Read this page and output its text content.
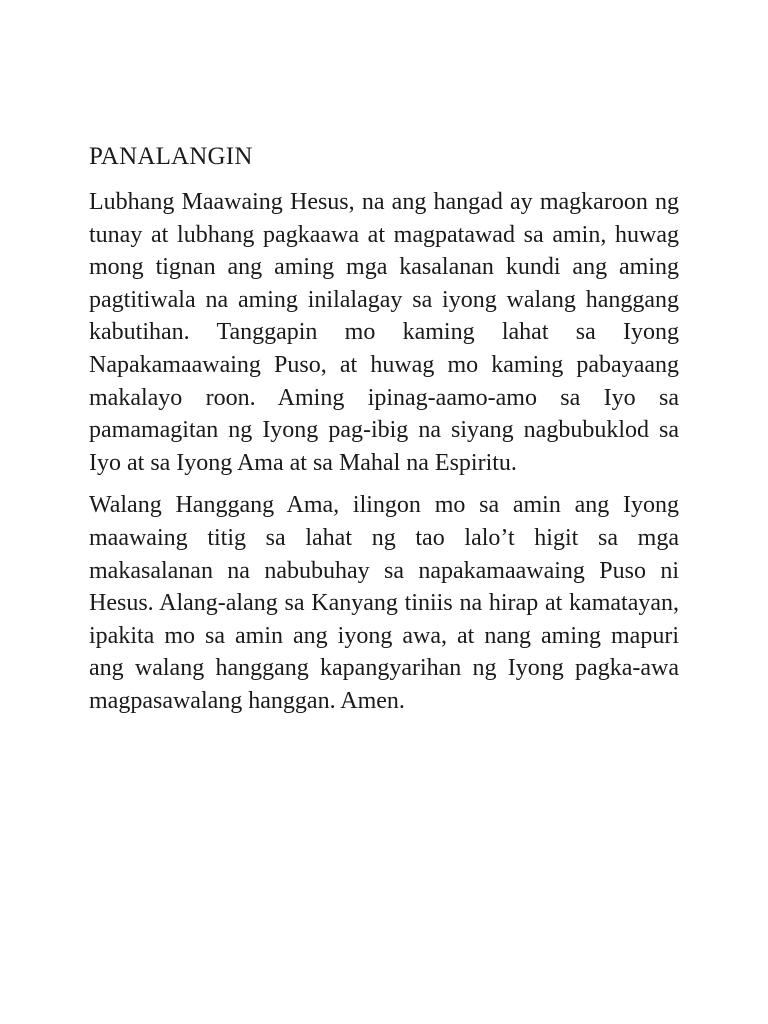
PANALANGIN

Lubhang Maawaing Hesus, na ang hangad ay magkaroon ng tunay at lubhang pagkaawa at magpatawad sa amin, huwag mong tignan ang aming mga kasalanan kundi ang aming pagtitiwala na aming inilalagay sa iyong walang hanggang kabutihan. Tanggapin mo kaming lahat sa Iyong Napakamaawaing Puso, at huwag mo kaming pabayaang makalayo roon. Aming ipinag-aamo-amo sa Iyo sa  pamamagitan ng Iyong pag-ibig na siyang nagbubuklod sa Iyo at sa Iyong Ama at sa Mahal na Espiritu.

Walang Hanggang Ama, ilingon mo sa amin ang Iyong maawaing titig sa lahat ng tao lalo’t higit sa mga makasalanan na nabubuhay sa napakamaawaing Puso ni Hesus. Alang-alang sa Kanyang tiniis na hirap at kamatayan, ipakita mo sa amin ang iyong awa, at nang aming mapuri ang walang hanggang kapangyarihan ng Iyong pagka-awa magpasawalang hanggan. Amen.
